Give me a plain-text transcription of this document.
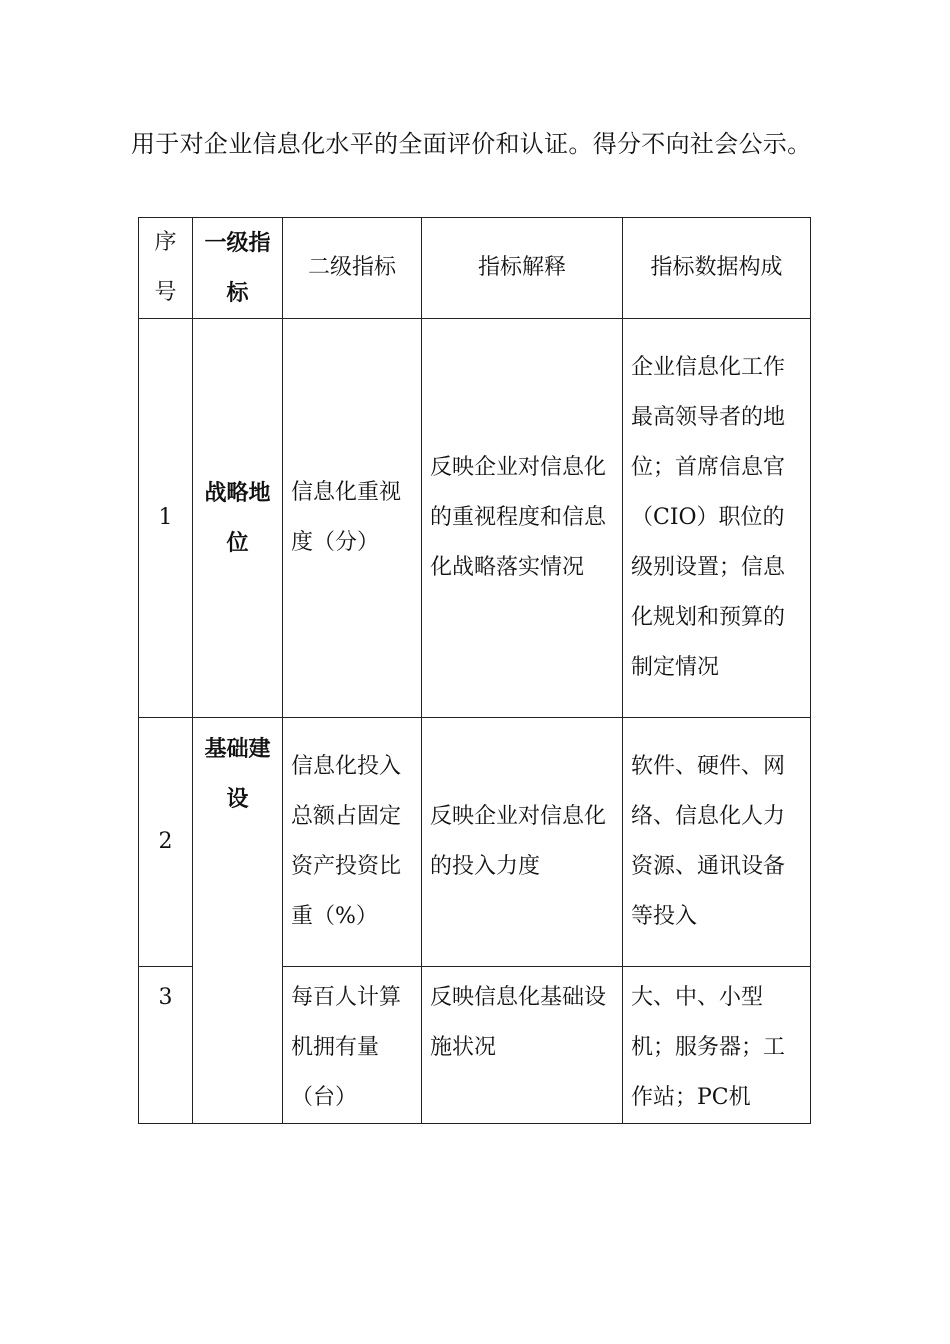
用于对企业信息化水平的全面评价和认证。得分不向社会公示。
序号	一级指标	二级指标	指标解释	指标数据构成
1	战略地位	信息化重视度（分）	反映企业对信息化的重视程度和信息化战略落实情况	企业信息化工作最高领导者的地位；首席信息官（CIO）职位的级别设置；信息化规划和预算的制定情况
2	基础建设	信息化投入总额占固定资产投资比重（%）	反映企业对信息化的投入力度	软件、硬件、网络、信息化人力资源、通讯设备等投入
3		每百人计算机拥有量（台）	反映信息化基础设施状况	大、中、小型机；服务器；工作站；PC机
